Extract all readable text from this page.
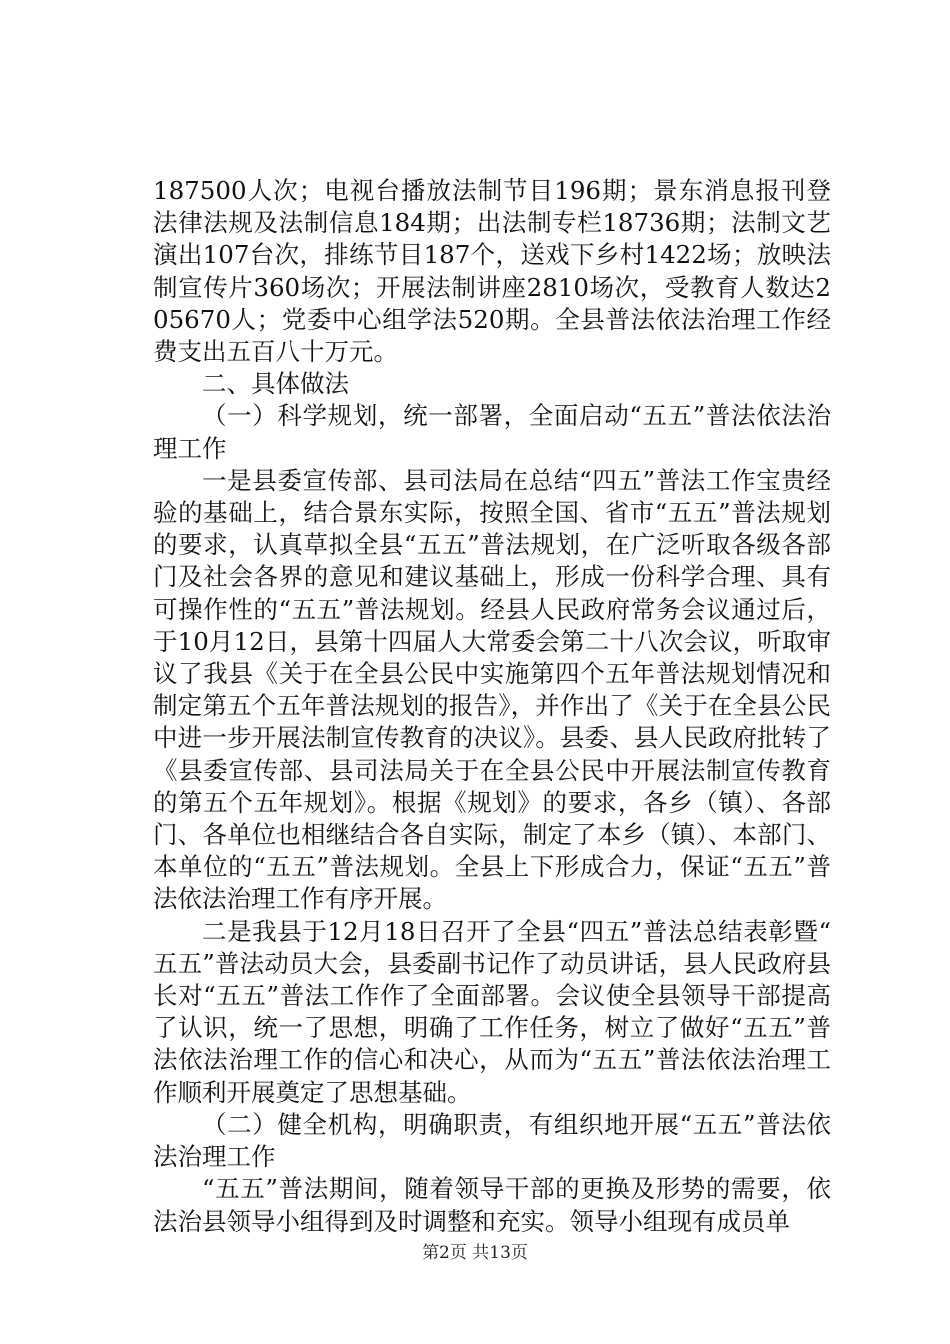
187500人次；电视台播放法制节目196期；景东消息报刊登法律法规及法制信息184期；出法制专栏18736期；法制文艺演出107台次，排练节目187个，送戏下乡村1422场；放映法制宣传片360场次；开展法制讲座2810场次，受教育人数达205670人；党委中心组学法520期。全县普法依法治理工作经费支出五百八十万元。

二、具体做法

（一）科学规划，统一部署，全面启动“五五”普法依法治理工作

一是县委宣传部、县司法局在总结“四五”普法工作宝贵经验的基础上，结合景东实际，按照全国、省市“五五”普法规划的要求，认真草拟全县“五五”普法规划，在广泛听取各级各部门及社会各界的意见和建议基础上，形成一份科学合理、具有可操作性的“五五”普法规划。经县人民政府常务会议通过后，于10月12日，县第十四届人大常委会第二十八次会议，听取审议了我县《关于在全县公民中实施第四个五年普法规划情况和制定第五个五年普法规划的报告》，并作出了《关于在全县公民中进一步开展法制宣传教育的决议》。县委、县人民政府批转了《县委宣传部、县司法局关于在全县公民中开展法制宣传教育的第五个五年规划》。根据《规划》的要求，各乡（镇）、各部门、各单位也相继结合各自实际，制定了本乡（镇）、本部门、本单位的“五五”普法规划。全县上下形成合力，保证“五五”普法依法治理工作有序开展。

二是我县于12月18日召开了全县“四五”普法总结表彰暨“五五”普法动员大会，县委副书记作了动员讲话，县人民政府县长对“五五”普法工作作了全面部署。会议使全县领导干部提高了认识，统一了思想，明确了工作任务，树立了做好“五五”普法依法治理工作的信心和决心，从而为“五五”普法依法治理工作顺利开展奠定了思想基础。

（二）健全机构，明确职责，有组织地开展“五五”普法依法治理工作

“五五”普法期间，随着领导干部的更换及形势的需要，依法治县领导小组得到及时调整和充实。领导小组现有成员单

第2页 共13页
